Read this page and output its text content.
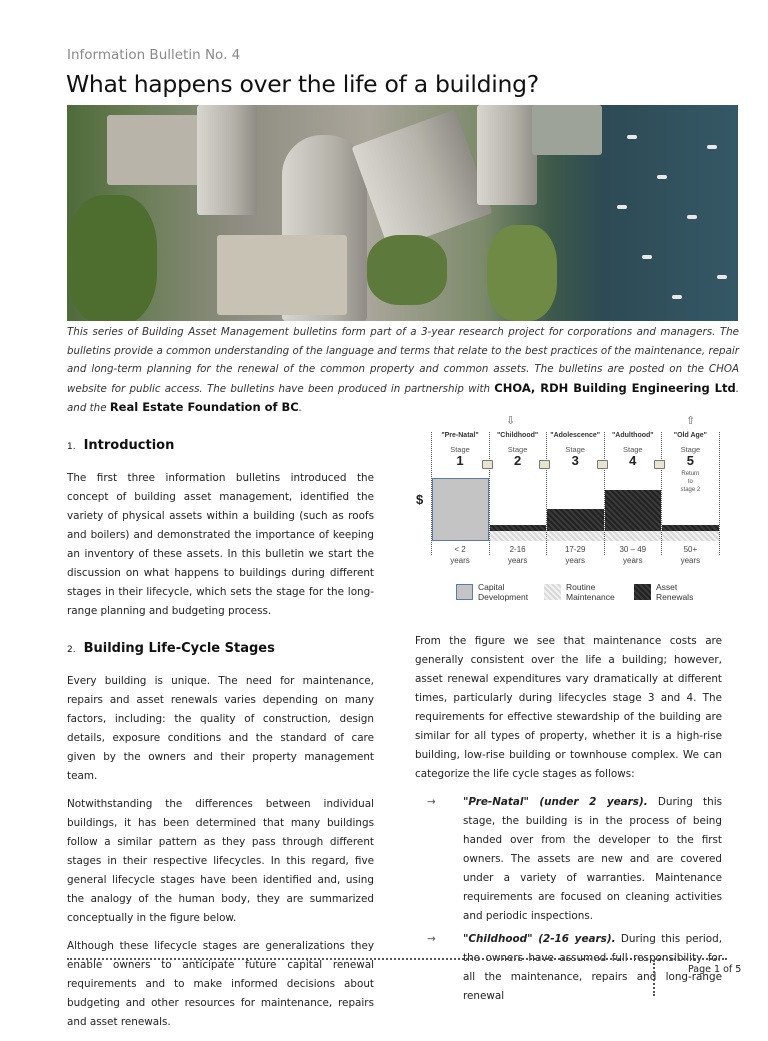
Information Bulletin No. 4
What happens over the life of a building?
This series of Building Asset Management bulletins form part of a 3-year research project for corporations and managers. The bulletins provide a common understanding of the language and terms that relate to the best practices of the maintenance, repair and long-term planning for the renewal of the common property and common assets. The bulletins are posted on the CHOA website for public access. The bulletins have been produced in partnership with CHOA, RDH Building Engineering Ltd. and the Real Estate Foundation of BC.
1. Introduction

The first three information bulletins introduced the concept of building asset management, identified the variety of physical assets within a building (such as roofs and boilers) and demonstrated the importance of keeping an inventory of these assets. In this bulletin we start the discussion on what happens to buildings during different stages in their lifecycle, which sets the stage for the long-range planning and budgeting process.

2. Building Life-Cycle Stages

Every building is unique. The need for maintenance, repairs and asset renewals varies depending on many factors, including: the quality of construction, design details, exposure conditions and the standard of care given by the owners and their property management team.

Notwithstanding the differences between individual buildings, it has been determined that many buildings follow a similar pattern as they pass through different stages in their respective lifecycles. In this regard, five general lifecycle stages have been identified and, using the analogy of the human body, they are summarized conceptually in the figure below.

Although these lifecycle stages are generalizations they enable owners to anticipate future capital renewal requirements and to make informed decisions about budgeting and other resources for maintenance, repairs and asset renewals.

$
⇩	⇧
"Pre-Natal"
Stage
1
< 2
years
"Childhood"
Stage
2
2-16
years
"Adolescence"
Stage
3
17-29
years
"Adulthood"
Stage
4
30 – 49
years
"Old Age"
Stage
5
Return
to
stage 2
50+
years
Capital
Development
Routine
Maintenance
Asset
Renewals

From the figure we see that maintenance costs are generally consistent over the life a building; however, asset renewal expenditures vary dramatically at different times, particularly during lifecycles stage 3 and 4. The requirements for effective stewardship of the building are similar for all types of property, whether it is a high-rise building, low-rise building or townhouse complex. We can categorize the life cycle stages as follows:

→	"Pre-Natal" (under 2 years). During this stage, the building is in the process of being handed over from the developer to the first owners. The assets are new and are covered under a variety of warranties. Maintenance requirements are focused on cleaning activities and periodic inspections.
→	"Childhood" (2-16 years). During this period, the owners have assumed full responsibility for all the maintenance, repairs and long-range renewal
Page 1 of 5
